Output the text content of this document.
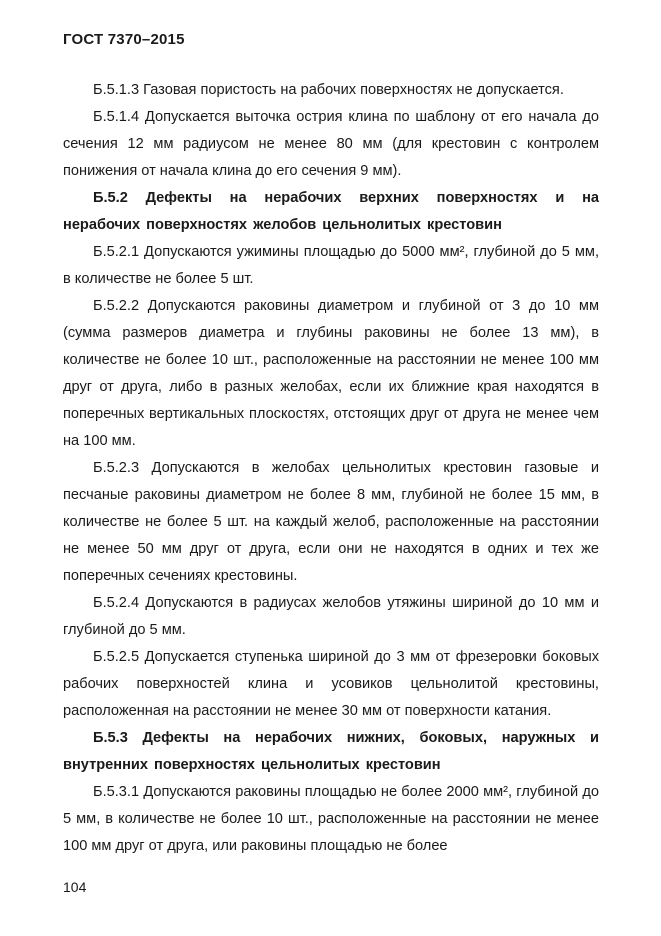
ГОСТ 7370–2015

Б.5.1.3 Газовая пористость на рабочих поверхностях не допускается.

Б.5.1.4 Допускается выточка острия клина по шаблону от его начала до сечения 12 мм радиусом не менее 80 мм (для крестовин с контролем понижения от начала клина до его сечения 9 мм).

Б.5.2 Дефекты на нерабочих верхних поверхностях и на нерабочих поверхностях желобов цельнолитых крестовин

Б.5.2.1 Допускаются ужимины площадью до 5000 мм², глубиной до 5 мм, в количестве не более 5 шт.

Б.5.2.2 Допускаются раковины диаметром и глубиной от 3 до 10 мм (сумма размеров диаметра и глубины раковины не более 13 мм), в количестве не более 10 шт., расположенные на расстоянии не менее 100 мм друг от друга, либо в разных желобах, если их ближние края находятся в поперечных вертикальных плоскостях, отстоящих друг от друга не менее чем на 100 мм.

Б.5.2.3 Допускаются в желобах цельнолитых крестовин газовые и песчаные раковины диаметром не более 8 мм, глубиной не более 15 мм, в количестве не более 5 шт. на каждый желоб, расположенные на расстоянии не менее 50 мм друг от друга, если они не находятся в одних и тех же поперечных сечениях крестовины.

Б.5.2.4 Допускаются в радиусах желобов утяжины шириной до 10 мм и глубиной до 5 мм.

Б.5.2.5 Допускается ступенька шириной до 3 мм от фрезеровки боковых рабочих поверхностей клина и усовиков цельнолитой крестовины, расположенная на расстоянии не менее 30 мм от поверхности катания.

Б.5.3 Дефекты на нерабочих нижних, боковых, наружных и внутренних поверхностях цельнолитых крестовин

Б.5.3.1 Допускаются раковины площадью не более 2000 мм², глубиной до 5 мм, в количестве не более 10 шт., расположенные на расстоянии не менее 100 мм друг от друга, или раковины площадью не более

104
